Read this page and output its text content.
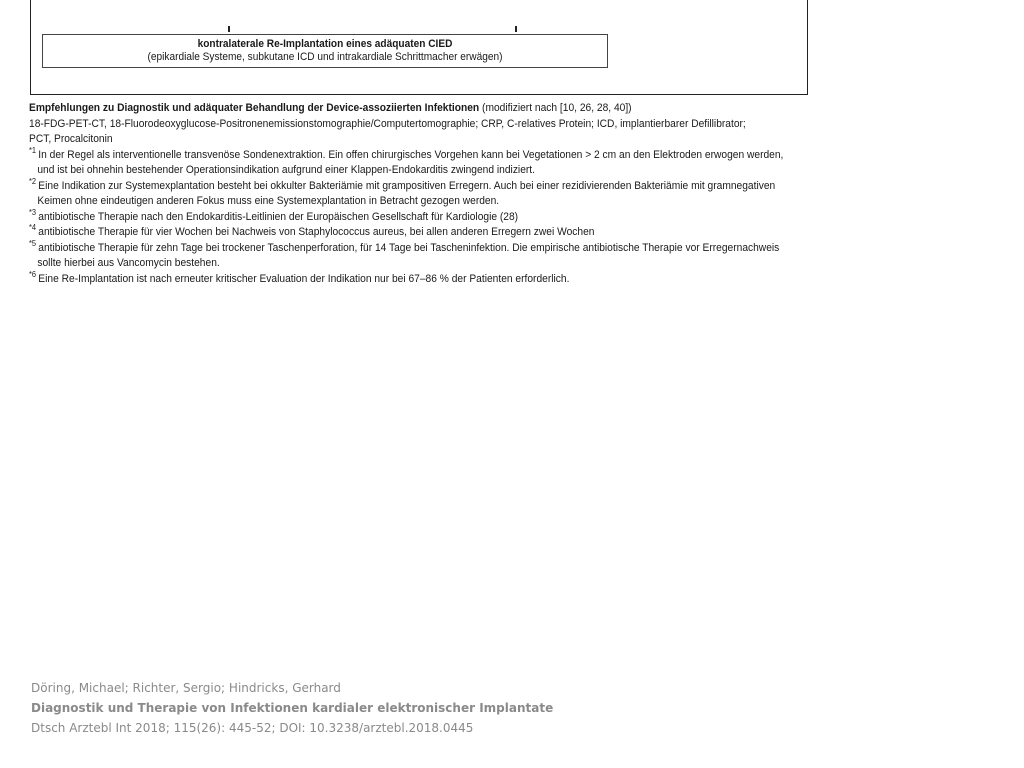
kontralaterale Re-Implantation eines adäquaten CIED
(epikardiale Systeme, subkutane ICD und intrakardiale Schrittmacher erwägen)
Empfehlungen zu Diagnostik und adäquater Behandlung der Device-assoziierten Infektionen (modifiziert nach [10, 26, 28, 40])
18-FDG-PET-CT, 18-Fluorodeoxyglucose-Positronenemissionstomographie/Computertomographie; CRP, C-relatives Protein; ICD, implantierbarer Defillibrator;
PCT, Procalcitonin
*1 In der Regel als interventionelle transvenöse Sondenextraktion. Ein offen chirurgisches Vorgehen kann bei Vegetationen > 2 cm an den Elektroden erwogen werden,
und ist bei ohnehin bestehender Operationsindikation aufgrund einer Klappen-Endokarditis zwingend indiziert.
*2 Eine Indikation zur Systemexplantation besteht bei okkulter Bakteriämie mit grampositiven Erregern. Auch bei einer rezidivierenden Bakteriämie mit gramnegativen
Keimen ohne eindeutigen anderen Fokus muss eine Systemexplantation in Betracht gezogen werden.
*3 antibiotische Therapie nach den Endokarditis-Leitlinien der Europäischen Gesellschaft für Kardiologie (28)
*4 antibiotische Therapie für vier Wochen bei Nachweis von Staphylococcus aureus, bei allen anderen Erregern zwei Wochen
*5 antibiotische Therapie für zehn Tage bei trockener Taschenperforation, für 14 Tage bei Tascheninfektion. Die empirische antibiotische Therapie vor Erregernachweis
sollte hierbei aus Vancomycin bestehen.
*6 Eine Re-Implantation ist nach erneuter kritischer Evaluation der Indikation nur bei 67–86 % der Patienten erforderlich.
Döring, Michael; Richter, Sergio; Hindricks, Gerhard
Diagnostik und Therapie von Infektionen kardialer elektronischer Implantate
Dtsch Arztebl Int 2018; 115(26): 445-52; DOI: 10.3238/arztebl.2018.0445
